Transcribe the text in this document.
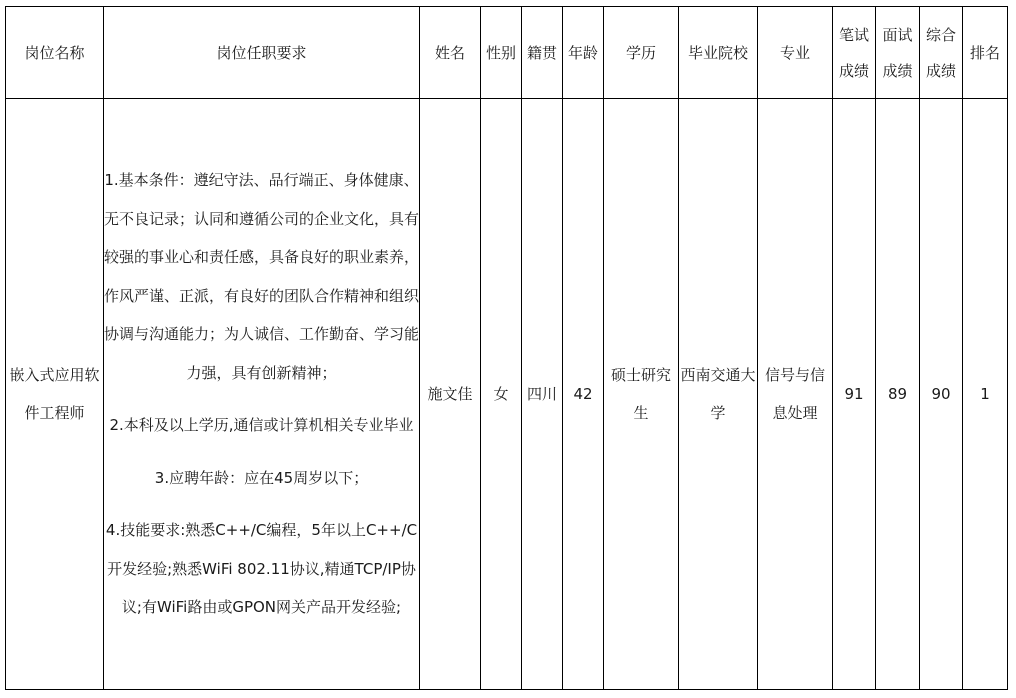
岗位名称	岗位任职要求	姓名	性别	籍贯	年龄	学历	毕业院校	专业	笔试成绩	面试成绩	综合成绩	排名

嵌入式应用软件工程师	1.基本条件：遵纪守法、品行端正、身体健康、无不良记录；认同和遵循公司的企业文化，具有较强的事业心和责任感，具备良好的职业素养，作风严谨、正派，有良好的团队合作精神和组织协调与沟通能力；为人诚信、工作勤奋、学习能力强，具有创新精神；
2.本科及以上学历,通信或计算机相关专业毕业
3.应聘年龄：应在45周岁以下；
4.技能要求:熟悉C++/C编程，5年以上C++/C开发经验;熟悉WiFi 802.11协议,精通TCP/IP协议;有WiFi路由或GPON网关产品开发经验;	施文佳	女	四川	42	硕士研究生	西南交通大学	信号与信息处理	91	89	90	1
